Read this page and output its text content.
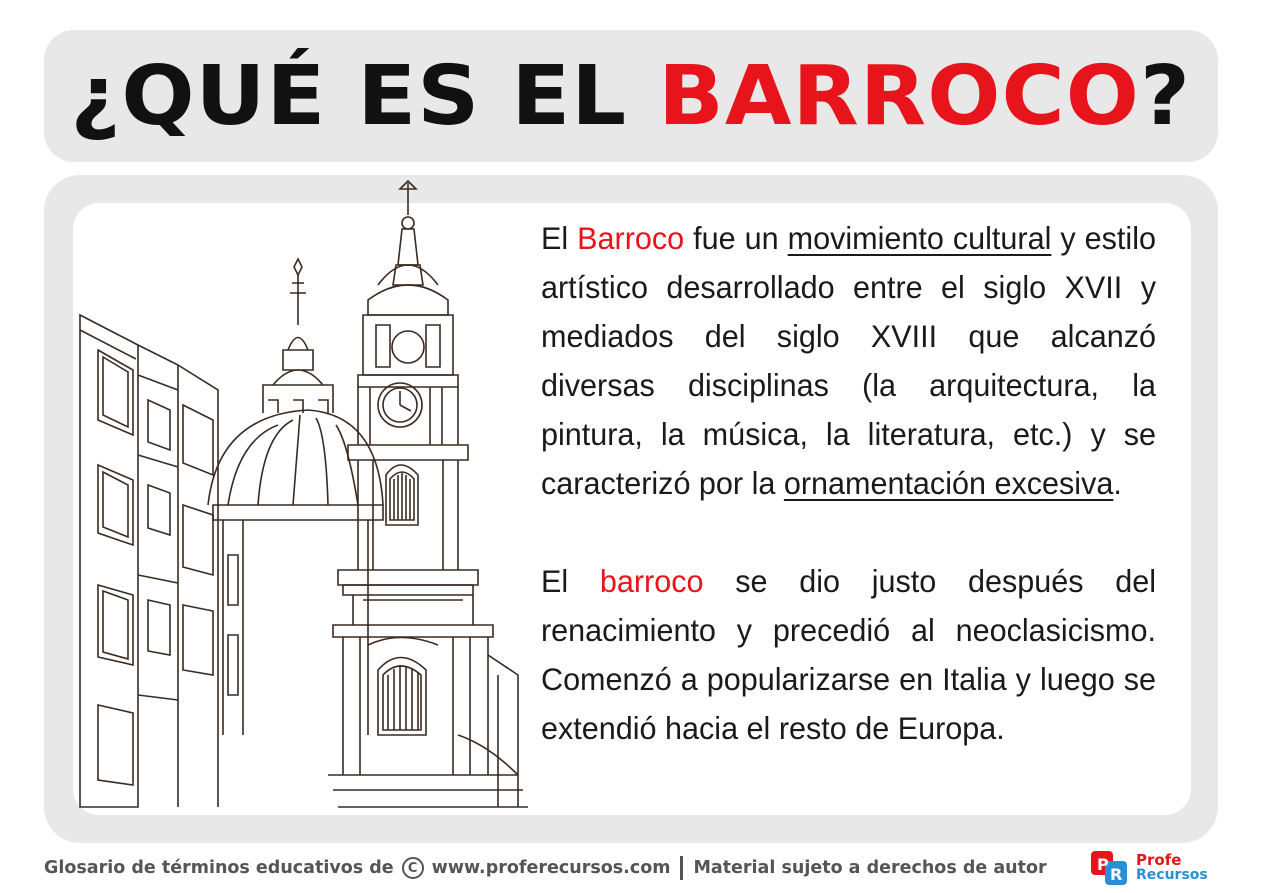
¿QUÉ ES EL BARROCO?

El Barroco fue un movimiento cultural y estilo artístico desarrollado entre el siglo XVII y mediados del siglo XVIII que alcanzó diversas disciplinas (la arquitectura, la pintura, la música, la literatura, etc.) y se caracterizó por la ornamentación excesiva.

El barroco se dio justo después del renacimiento y precedió al neoclasicismo. Comenzó a popularizarse en Italia y luego se extendió hacia el resto de Europa.

Glosario de términos educativos de	C www.proferecursos.com Material sujeto a derechos de autor	P
R
Profe
Recursos
